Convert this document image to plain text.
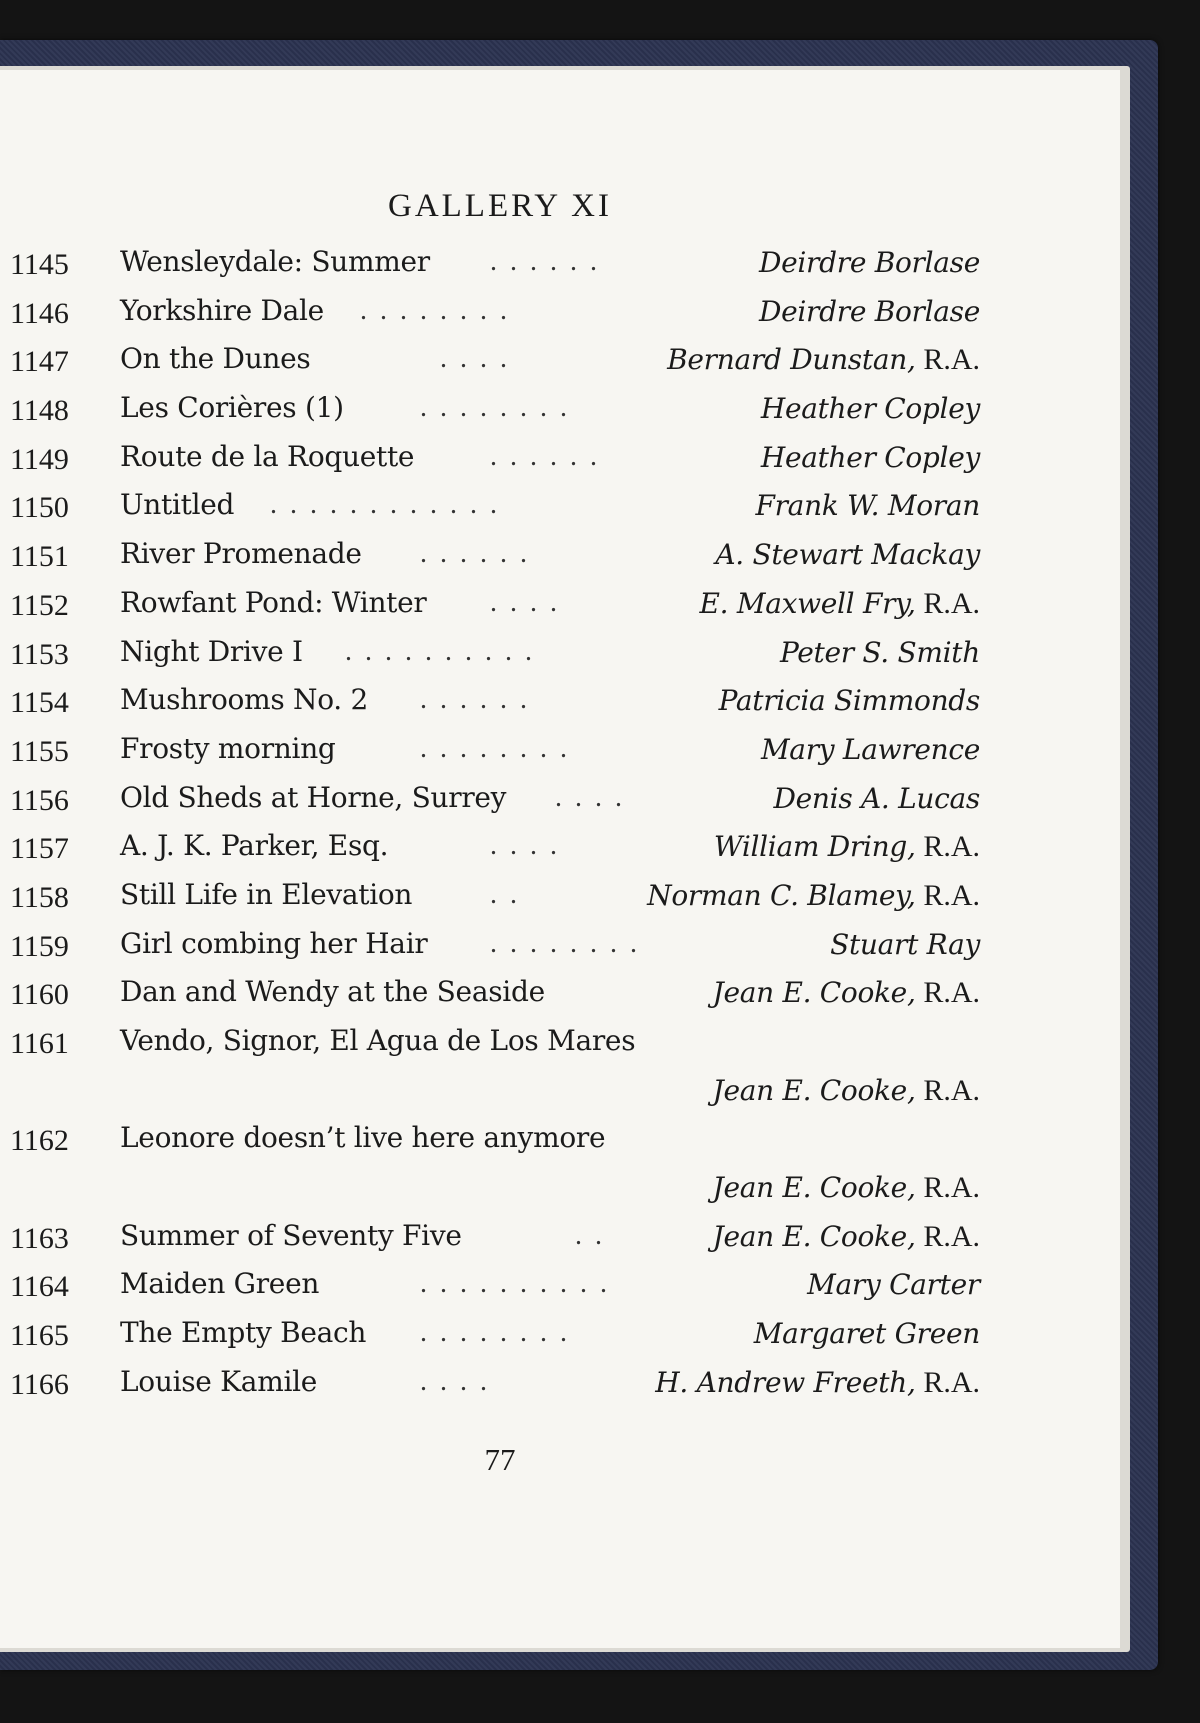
GALLERY XI
1145 Wensleydale: Summer . . . . . .	Deirdre Borlase
1146 Yorkshire Dale . . . . . . . .	Deirdre Borlase
1147 On the Dunes	. . . .	Bernard Dunstan, R.A.
1148 Les Corières (1)	. . . . . . . .	Heather Copley
1149 Route de la Roquette	. . . . . .	Heather Copley
1150 Untitled . . . . . . . . . . . .	Frank W. Moran
1151 River Promenade . . . . . .	A. Stewart Mackay
1152 Rowfant Pond: Winter . . . .	E. Maxwell Fry, R.A.
1153 Night Drive I . . . . . . . . . .	Peter S. Smith
1154 Mushrooms No. 2 . . . . . .	Patricia Simmonds
1155 Frosty morning	. . . . . . . .	Mary Lawrence
1156 Old Sheds at Horne, Surrey . . . .	Denis A. Lucas
1157 A. J. K. Parker, Esq.	. . . .	William Dring, R.A.
1158 Still Life in Elevation	. .	Norman C. Blamey, R.A.
1159 Girl combing her Hair . . . . . . . .	Stuart Ray
1160 Dan and Wendy at the Seaside	Jean E. Cooke, R.A.
1161 Vendo, Signor, El Agua de Los Mares
Jean E. Cooke, R.A.
1162 Leonore doesn’t live here anymore
Jean E. Cooke, R.A.
1163 Summer of Seventy Five	. .	Jean E. Cooke, R.A.
1164 Maiden Green	. . . . . . . . . .	Mary Carter
1165 The Empty Beach . . . . . . . .	Margaret Green
1166 Louise Kamile	. . . .	H. Andrew Freeth, R.A.
77
